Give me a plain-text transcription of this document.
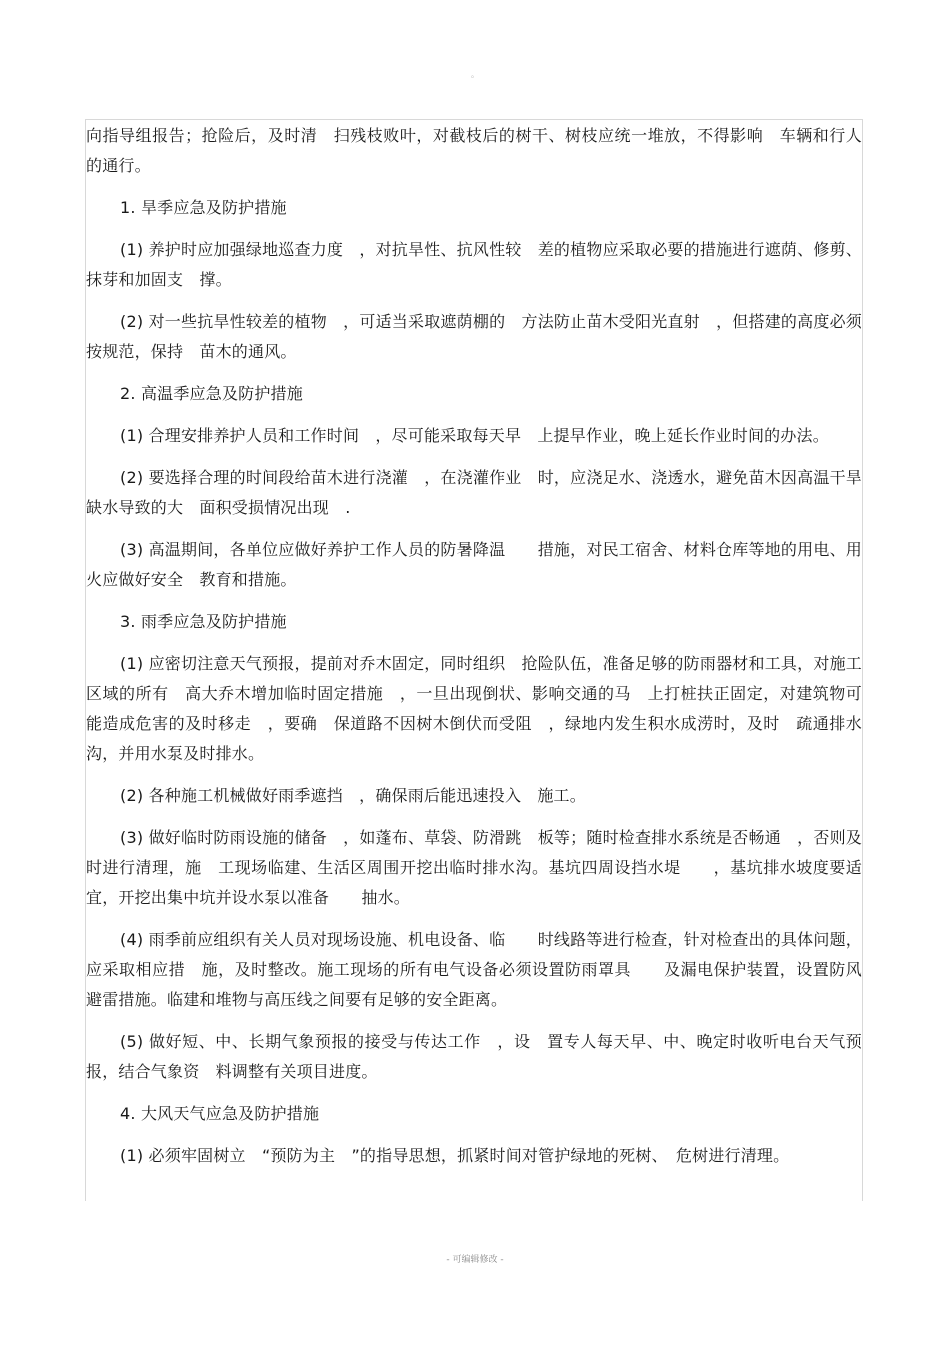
。

向指导组报告；抢险后，及时清　扫残枝败叶，对截枝后的树干、树枝应统一堆放，不得影响　车辆和行人的通行。

1. 旱季应急及防护措施

(1) 养护时应加强绿地巡查力度　，对抗旱性、抗风性较　差的植物应采取必要的措施进行遮荫、修剪、抹芽和加固支　撑。

(2) 对一些抗旱性较差的植物　，可适当采取遮荫棚的　方法防止苗木受阳光直射　，但搭建的高度必须按规范，保持　苗木的通风。

2. 高温季应急及防护措施

(1) 合理安排养护人员和工作时间　，尽可能采取每天早　上提早作业，晚上延长作业时间的办法。

(2) 要选择合理的时间段给苗木进行浇灌　，在浇灌作业　时，应浇足水、浇透水，避免苗木因高温干旱缺水导致的大　面积受损情况出现　.

(3) 高温期间，各单位应做好养护工作人员的防暑降温　　措施，对民工宿舍、材料仓库等地的用电、用火应做好安全　教育和措施。

3. 雨季应急及防护措施

(1) 应密切注意天气预报，提前对乔木固定，同时组织　抢险队伍，准备足够的防雨器材和工具，对施工区域的所有　高大乔木增加临时固定措施　，一旦出现倒状、影响交通的马　上打桩扶正固定，对建筑物可能造成危害的及时移走　，要确　保道路不因树木倒伏而受阻　，绿地内发生积水成涝时，及时　疏通排水沟，并用水泵及时排水。

(2) 各种施工机械做好雨季遮挡　，确保雨后能迅速投入　施工。

(3) 做好临时防雨设施的储备　，如蓬布、草袋、防滑跳　板等；随时检查排水系统是否畅通　，否则及时进行清理，施　工现场临建、生活区周围开挖出临时排水沟。基坑四周设挡水堤　　，基坑排水坡度要适宜，开挖出集中坑并设水泵以准备　　抽水。

(4) 雨季前应组织有关人员对现场设施、机电设备、临　　时线路等进行检查，针对检查出的具体问题，应采取相应措　施，及时整改。施工现场的所有电气设备必须设置防雨罩具　　及漏电保护装置，设置防风避雷措施。临建和堆物与高压线之间要有足够的安全距离。

(5) 做好短、中、长期气象预报的接受与传达工作　，设　置专人每天早、中、晚定时收听电台天气预报，结合气象资　料调整有关项目进度。

4. 大风天气应急及防护措施

(1) 必须牢固树立　“预防为主　”的指导思想，抓紧时间对管护绿地的死树、　危树进行清理。

- 可编辑修改 -
